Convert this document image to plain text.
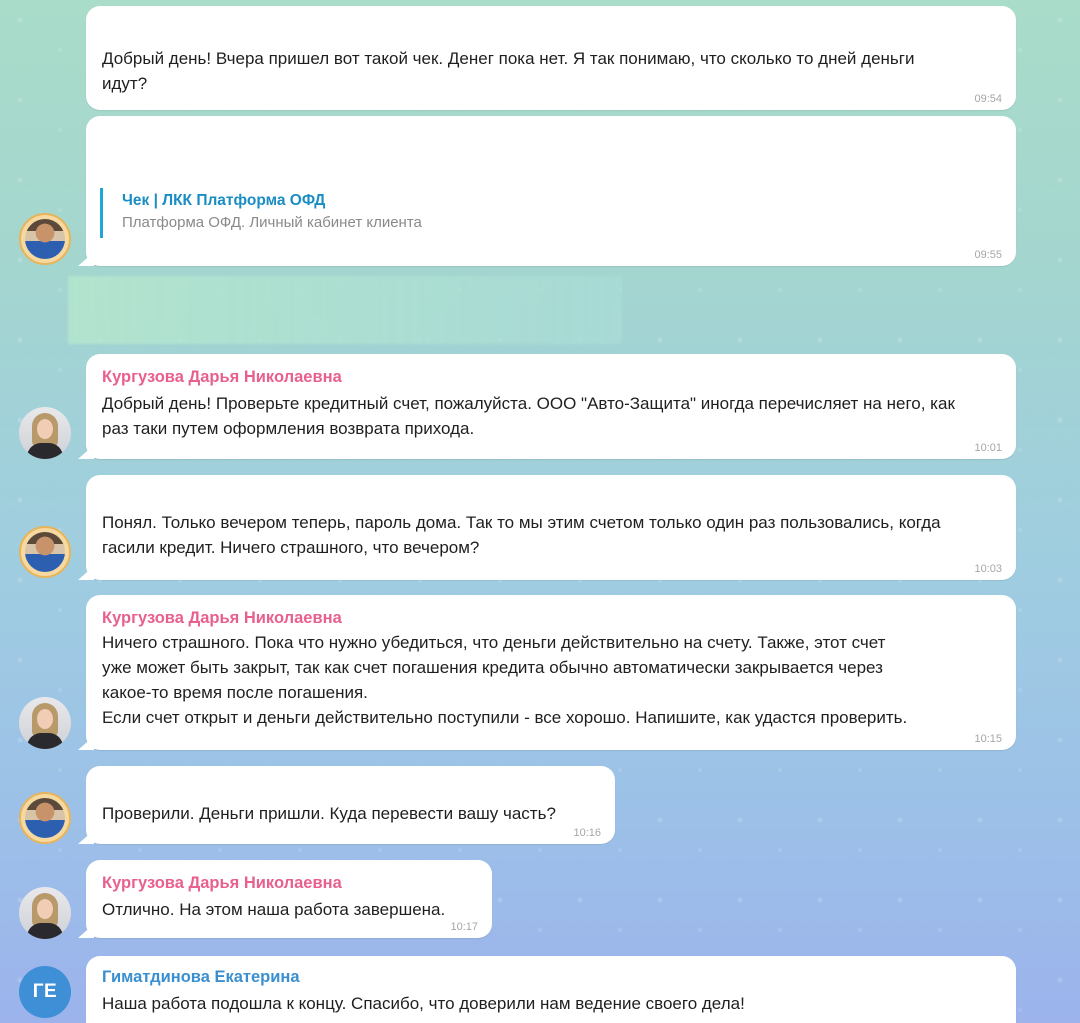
Добрый день! Вчера пришел вот такой чек. Денег пока нет. Я так понимаю, что сколько то дней деньги идут?
09:54
Чек | ЛКК Платформа ОФД
Платформа ОФД. Личный кабинет клиента
09:55
Кургузова Дарья Николаевна
Добрый день! Проверьте кредитный счет, пожалуйста. ООО "Авто-Защита" иногда перечисляет на него, как раз таки путем оформления возврата прихода.
10:01
Понял. Только вечером теперь, пароль дома. Так то мы этим счетом только один раз пользовались, когда гасили кредит. Ничего страшного, что вечером?
10:03
Кургузова Дарья Николаевна
Ничего страшного. Пока что нужно убедиться, что деньги действительно на счету. Также, этот счет
уже может быть закрыт, так как счет погашения кредита обычно автоматически закрывается через
какое-то время после погашения.
Если счет открыт и деньги действительно поступили - все хорошо. Напишите, как удастся проверить.
10:15
Проверили. Деньги пришли. Куда перевести вашу часть?
10:16
Кургузова Дарья Николаевна
Отлично. На этом наша работа завершена.
10:17
Гиматдинова Екатерина
Наша работа подошла к концу. Спасибо, что доверили нам ведение своего дела!
ГЕ
